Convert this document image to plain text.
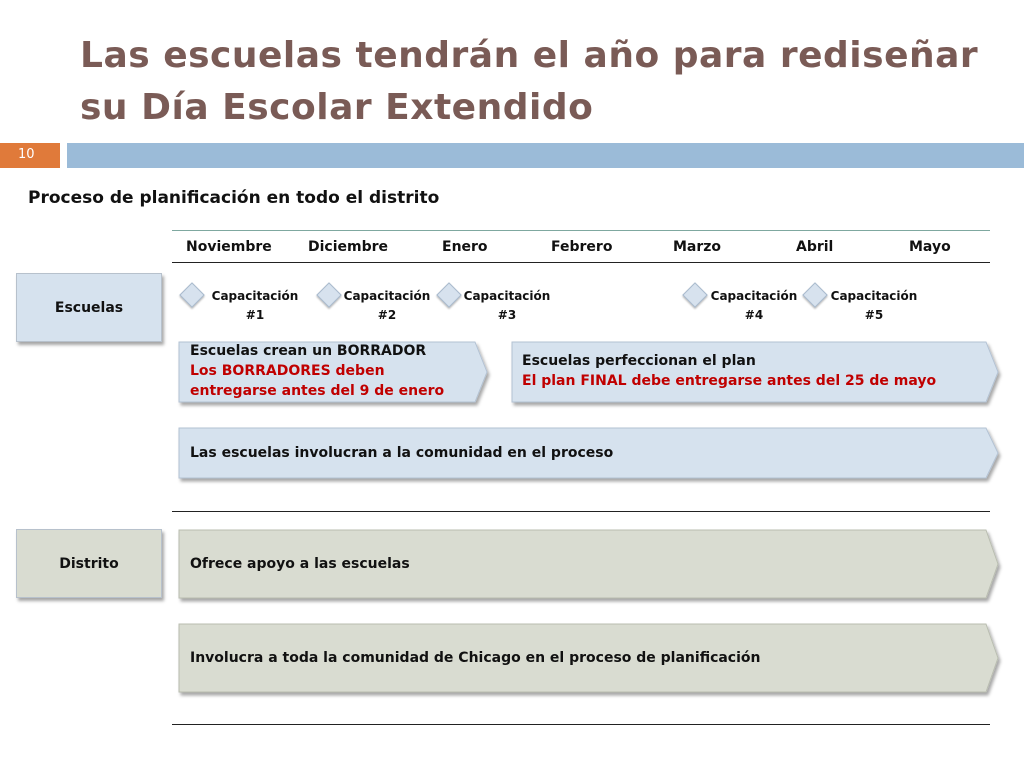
Las escuelas tendrán el año para rediseñar
su Día Escolar Extendido
10
Proceso de planificación en todo el distrito
Noviembre	Diciembre	Enero	Febrero	Marzo	Abril	Mayo
Escuelas
Distrito
Capacitación
#1
Capacitación
#2
Capacitación
#3
Capacitación
#4
Capacitación
#5
Escuelas crean un BORRADOR
Los BORRADORES deben
entregarse antes del 9 de enero
Escuelas perfeccionan el plan
El plan FINAL debe entregarse antes del 25 de mayo
Las escuelas involucran a la comunidad en el proceso
Ofrece apoyo a las escuelas
Involucra a toda la comunidad de Chicago en el proceso de planificación
